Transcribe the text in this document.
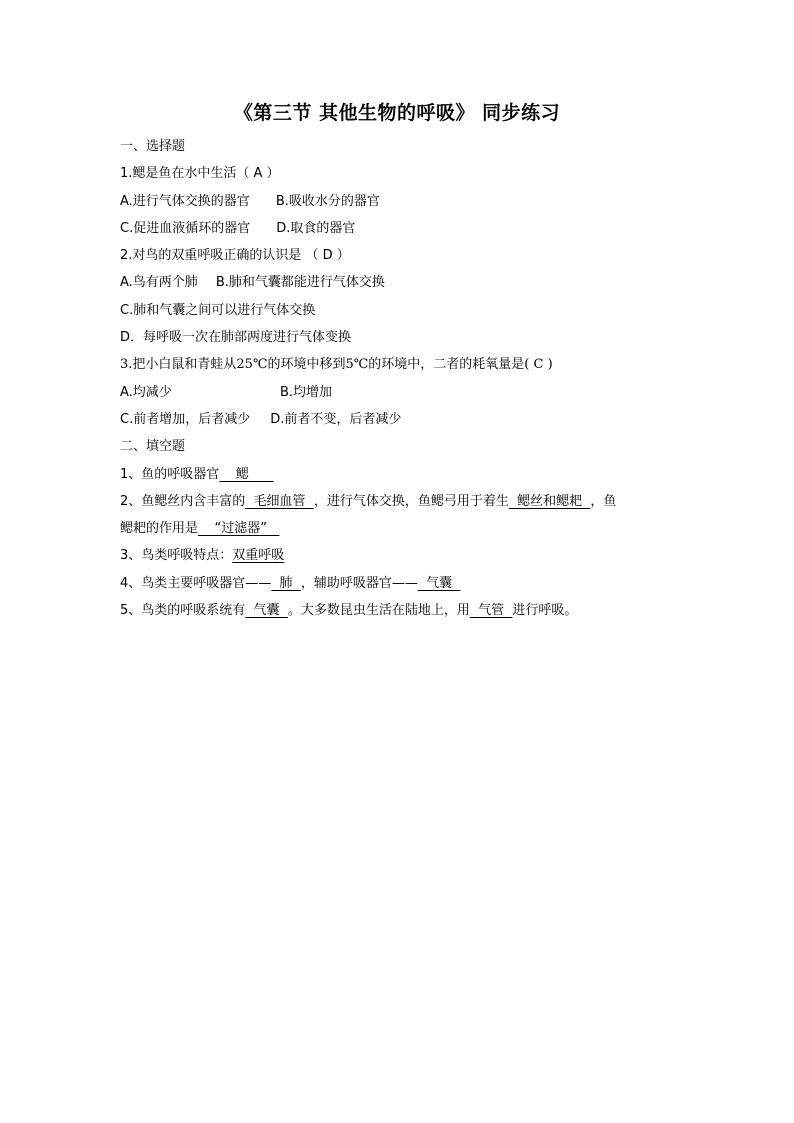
《第三节 其他生物的呼吸》 同步练习
一、选择题
1.鳃是鱼在水中生活（ A ）
A.进行气体交换的器官 B.吸收水分的器官
C.促进血液循环的器官 D.取食的器官
2.对鸟的双重呼吸正确的认识是 （ D ）
A.鸟有两个肺 B.肺和气囊都能进行气体交换
C.肺和气囊之间可以进行气体交换
D．每呼吸一次在肺部两度进行气体变换
3.把小白鼠和青蛙从25℃的环境中移到5℃的环境中，二者的耗氧量是( C )
A.均减少	B.均增加
C.前者增加，后者减少 D.前者不变，后者减少
二、填空题
1、鱼的呼吸器官    鳃
2、鱼鳃丝内含丰富的  毛细血管  ，进行气体交换，鱼鳃弓用于着生  鳃丝和鳃耙  ，鱼
鳃耙的作用是    “过滤器”
3、鸟类呼吸特点：双重呼吸
4、鸟类主要呼吸器官——  肺  ，辅助呼吸器官——  气囊
5、鸟类的呼吸系统有  气囊  。大多数昆虫生活在陆地上，用  气管  进行呼吸。
